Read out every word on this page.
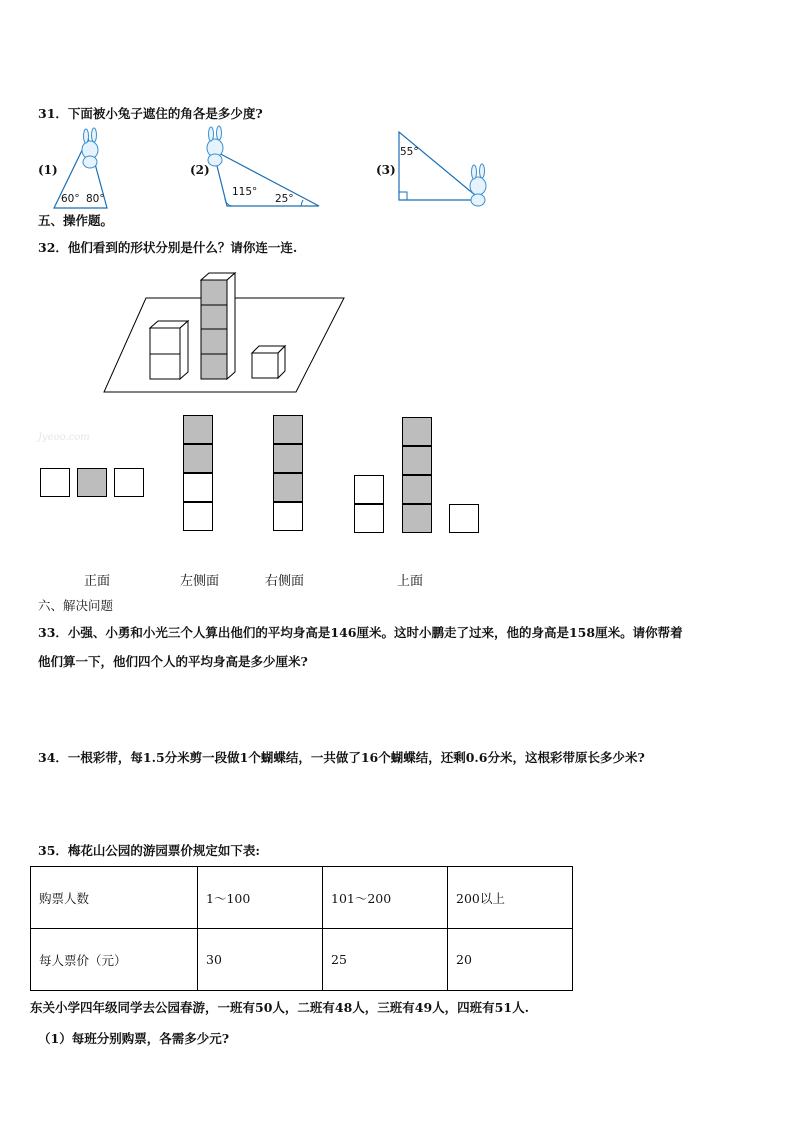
31．下面被小兔子遮住的角各是多少度?
(1)
60° 80°
(2)
115°
25°
(3)
55°
五、操作题。
32．他们看到的形状分别是什么？请你连一连.
Jyeoo.com
正面	左侧面	右侧面	上面
六、解决问题
33．小强、小勇和小光三个人算出他们的平均身高是146厘米。这时小鹏走了过来，他的身高是158厘米。请你帮着
他们算一下，他们四个人的平均身高是多少厘米?
34．一根彩带，每1.5分米剪一段做1个蝴蝶结，一共做了16个蝴蝶结，还剩0.6分米，这根彩带原长多少米?
35．梅花山公园的游园票价规定如下表:
购票人数	1～100	101～200	200以上
每人票价（元）	30	25	20
东关小学四年级同学去公园春游，一班有50人，二班有48人，三班有49人，四班有51人.
（1）每班分别购票，各需多少元?
